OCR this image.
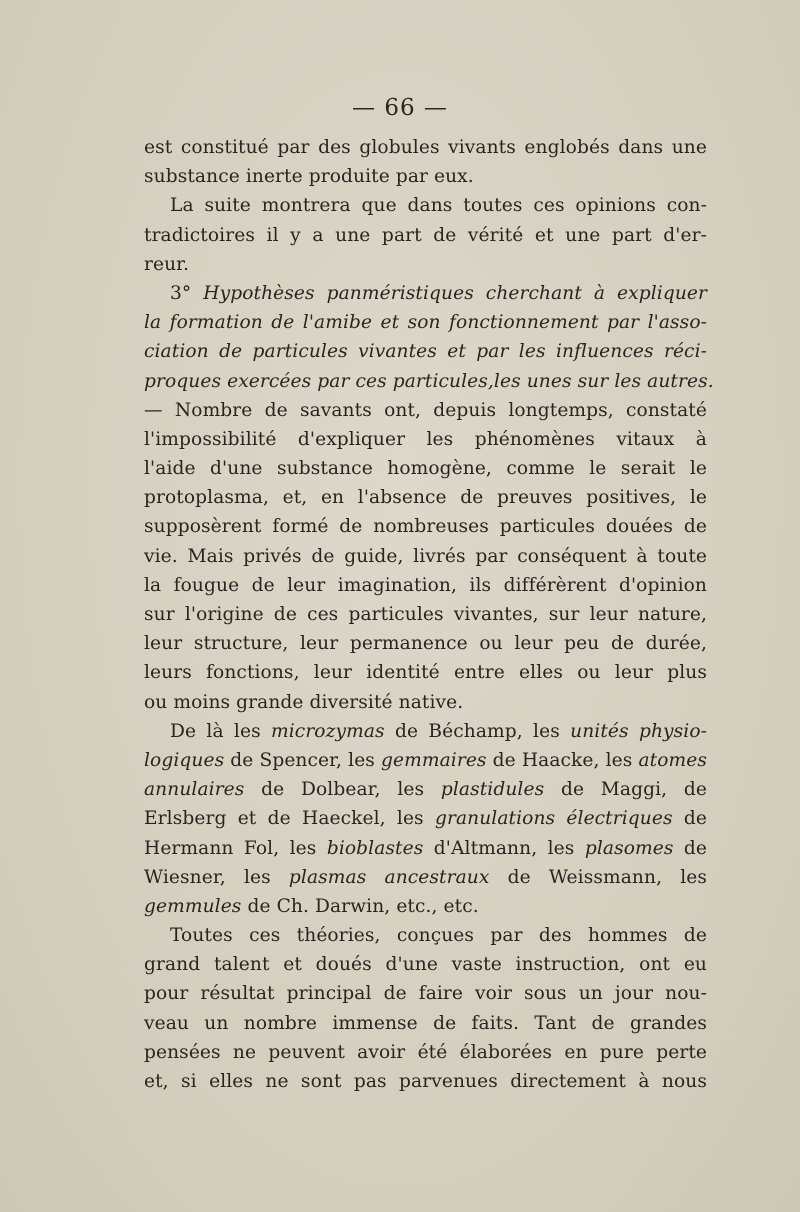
— 66 —
est constitué par des globules vivants englobés dans une
substance inerte produite par eux.
La suite montrera que dans toutes ces opinions con-
tradictoires il y a une part de vérité et une part d'er-
reur.
3° Hypothèses panméristiques cherchant à expliquer
la formation de l'amibe et son fonctionnement par l'asso-
ciation de particules vivantes et par les influences réci-
proques exercées par ces particules,les unes sur les autres.
— Nombre de savants ont, depuis longtemps, constaté
l'impossibilité d'expliquer les phénomènes vitaux à
l'aide d'une substance homogène, comme le serait le
protoplasma, et, en l'absence de preuves positives, le
supposèrent formé de nombreuses particules douées de
vie. Mais privés de guide, livrés par conséquent à toute
la fougue de leur imagination, ils différèrent d'opinion
sur l'origine de ces particules vivantes, sur leur nature,
leur structure, leur permanence ou leur peu de durée,
leurs fonctions, leur identité entre elles ou leur plus
ou moins grande diversité native.
De là les microzymas de Béchamp, les unités physio-
logiques de Spencer, les gemmaires de Haacke, les atomes
annulaires de Dolbear, les plastidules de Maggi, de
Erlsberg et de Haeckel, les granulations électriques de
Hermann Fol, les bioblastes d'Altmann, les plasomes de
Wiesner, les plasmas ancestraux de Weissmann, les
gemmules de Ch. Darwin, etc., etc.
Toutes ces théories, conçues par des hommes de
grand talent et doués d'une vaste instruction, ont eu
pour résultat principal de faire voir sous un jour nou-
veau un nombre immense de faits. Tant de grandes
pensées ne peuvent avoir été élaborées en pure perte
et, si elles ne sont pas parvenues directement à nous
